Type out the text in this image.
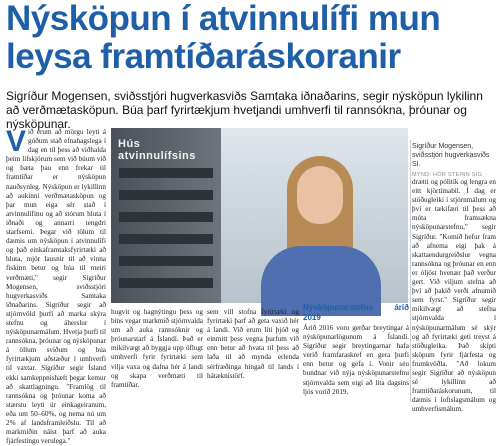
Nýsköpun í atvinnulífi mun leysa framtíðaráskoranir
Sigríður Mogensen, sviðsstjóri hugverkasviðs Samtaka iðnaðarins, segir nýsköpun lykilinn að verðmætasköpun. Búa þarf fyrirtækjum hvetjandi umhverfi til rannsókna, þróunar og nýsköpunar.
Við erum að mörgu leyti á góðum stað efnahagslega í dag en til þess að viðhalda þeim lífskjörum sem við búum við og bæta þau enn frekar til framtíðar er nýsköpun nauðsynleg. Nýsköpun er lykillinn að aukinni verðmætasköpun og þar mun eiga sér stað í atvinnulífinu og að stórum hluta í iðnaði og annarri tengdri starfsemi. Þegar við tölum til dæmis um nýsköpun í atvinnulífi og það einkaframtaksfyrirtæki að hluta, mjór lausnir til að vinna fiskinn betur og búa til meiri verðmæti," segir Sigríður Mogensen, sviðsstjóri hugverkasviðs Samtaka iðnaðarins. Sigríður segir að stjórnvöld þurfi að marka skýra stefnu og áherslur í nýsköpunarmálum. Hvetja þurfi til rannsókna, þróunar og nýsköpunar á öllum sviðum og búa fyrirtækjum aðstæður í umhverfi til vaxtar. Sigríður segir Ísland ekki samkeppnishæft þegar kemur að skattlagningu. "Framlög til rannsókna og þróunar koma að stærstu leyti úr einkageiranum, eða um 50–60%, og nema nú um 2% af landsframleiðslu. Til að markmiðin náist þarf að auka fjárfestingu verulega."
Hús atvinnulífsins
Sigríður Mogensen, sviðsstjóri hugverkasviðs SI.
MYND: HÖR STEINN SIG
hugvit og hagnýtingu þess og bíns vegar markmið stjórnvalda um að auka rannsóknir og þróunarstarf á Íslandi. Það er mikilvægt að byggja upp öflugt umhverfi fyrir fyrirtæki sem vilja vaxa og dafna hér á landi og skapa verðmæti til framtíðar.
sem vill stofna fyrirtæki og fyrirtæki þarf að geta vaxið hér á landi. Við erum líti þjóð og einmitt þess vegna þurfum við enn betur að hvata til þess að laða til að mynda erlenda sérfræðinga hingað til lands í hátæknistörf.
Nýsköpunarstefna árið 2019
Árið 2016 voru gerðar breytingar á nýsköpunarlögunum á Íslandi. Sigríður segir breytingarnar hafa verið framfaraskref en gera þurfi enn betur og gefa í. Vonir séu bundnar við nýja nýsköpunarstefnu stjórnvalda sem eigi að líta dagsins ljós vorið 2019.
drætti og pólitík og lengra en eitt kjörtímabil. Í dag er stöðugleiki í stjórnmálum og því er tækifæri til þess að móta framsækna nýsköpunarstefnu," segir Sigríður. "Komið hefur fram að afnema eigi þak á skattaendurgreiðslur vegna rannsókna og þróunar en enn er óljóst hvenær það verður gert. Við viljum stefna að því að þakið verði afnumið sem fyrst." Sigríður segir mikilvægt að stefna stjórnvalda í nýsköpunarmálum sé skýr og að fyrirtæki geti treyst á stöðugleika. Það skipti sköpum fyrir fjárfesta og frumkvöðla. "Að lokum segir Sigríður að nýsköpun sé lykillinn að framtíðaráskorunum, til dæmis í loftslagsmálum og umhverfismálum.
